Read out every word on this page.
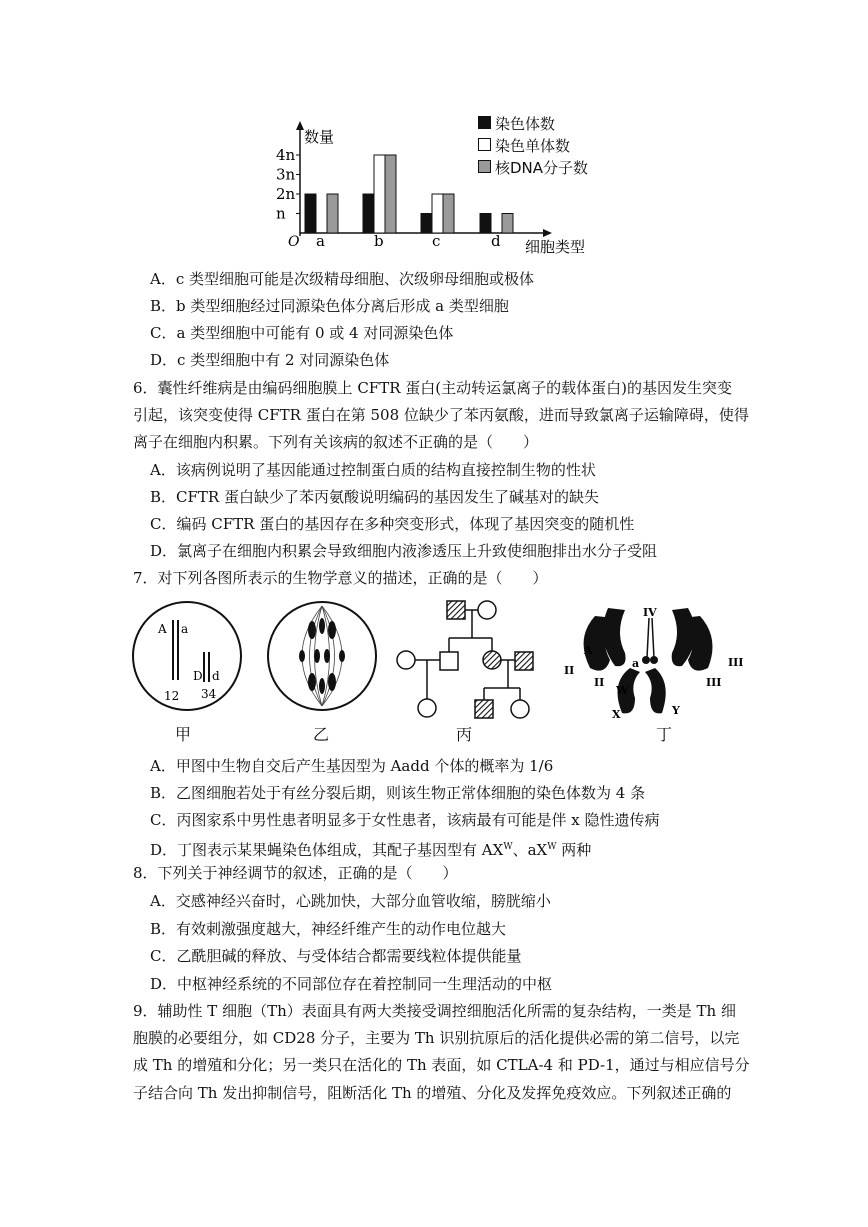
数量
O	细胞类型
n
2n
3n
4n
a	b	c	d
染色体数
染色单体数
核DNA分子数
A．c 类型细胞可能是次级精母细胞、次级卵母细胞或极体
B．b 类型细胞经过同源染色体分离后形成 a 类型细胞
C．a 类型细胞中可能有 0 或 4 对同源染色体
D．c 类型细胞中有 2 对同源染色体
6．囊性纤维病是由编码细胞膜上 CFTR 蛋白(主动转运氯离子的载体蛋白)的基因发生突变
引起，该突变使得 CFTR 蛋白在第 508 位缺少了苯丙氨酸，进而导致氯离子运输障碍，使得
离子在细胞内积累。下列有关该病的叙述不正确的是（　　）
A．该病例说明了基因能通过控制蛋白质的结构直接控制生物的性状
B．CFTR 蛋白缺少了苯丙氨酸说明编码的基因发生了碱基对的缺失
C．编码 CFTR 蛋白的基因存在多种突变形式，体现了基因突变的随机性
D．氯离子在细胞内积累会导致细胞内液渗透压上升致使细胞排出水分子受阻
7．对下列各图所表示的生物学意义的描述，正确的是（　　）
A a
12
D d
34
甲	乙	丙
IV
A
a
II
II
III
III
W
X	Y
丁
A．甲图中生物自交后产生基因型为 Aadd 个体的概率为 1/6
B．乙图细胞若处于有丝分裂后期，则该生物正常体细胞的染色体数为 4 条
C．丙图家系中男性患者明显多于女性患者，该病最有可能是伴 x 隐性遗传病
D．丁图表示某果蝇染色体组成，其配子基因型有 $AX^W$、$aX^W$ 两种
8．下列关于神经调节的叙述，正确的是（　　）
A．交感神经兴奋时，心跳加快，大部分血管收缩，膀胱缩小
B．有效刺激强度越大，神经纤维产生的动作电位越大
C．乙酰胆碱的释放、与受体结合都需要线粒体提供能量
D．中枢神经系统的不同部位存在着控制同一生理活动的中枢
9．辅助性 T 细胞（Th）表面具有两大类接受调控细胞活化所需的复杂结构，一类是 Th 细
胞膜的必要组分，如 CD28 分子，主要为 Th 识别抗原后的活化提供必需的第二信号，以完
成 Th 的增殖和分化；另一类只在活化的 Th 表面，如 CTLA-4 和 PD-1，通过与相应信号分
子结合向 Th 发出抑制信号，阻断活化 Th 的增殖、分化及发挥免疫效应。下列叙述正确的
